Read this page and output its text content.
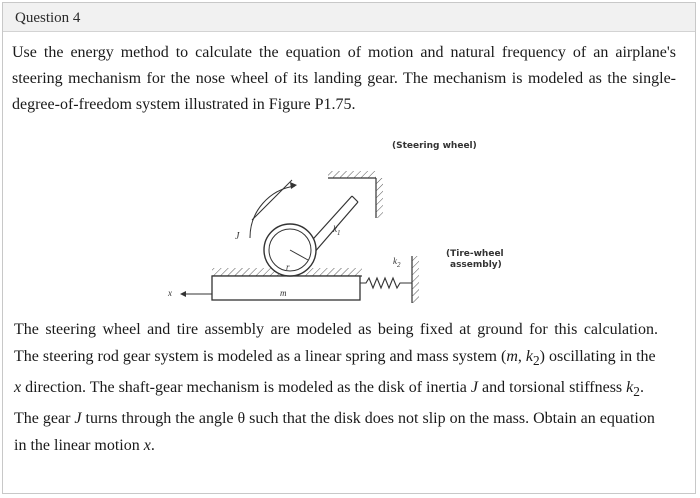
Question 4
Use the energy method to calculate the equation of motion and natural frequency of an airplane's steering mechanism for the nose wheel of its landing gear. The mechanism is modeled as the single-degree-of-freedom system illustrated in Figure P1.75.
(Steering wheel)
(Tire-wheel
assembly)
J
$k_1$
$k_2$
r
m
x

The steering wheel and tire assembly are modeled as being fixed at ground for this calculation.

The steering rod gear system is modeled as a linear spring and mass system (m, $k_2$) oscillating in the x direction. The shaft-gear mechanism is modeled as the disk of inertia J and torsional stiffness $k_2$. The gear J turns through the angle θ such that the disk does not slip on the mass. Obtain an equation in the linear motion x.
